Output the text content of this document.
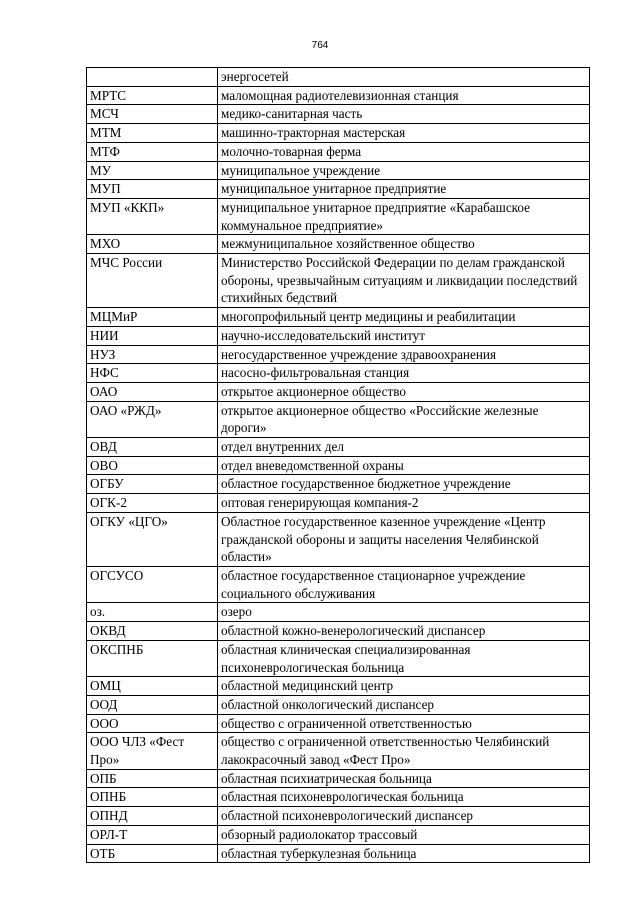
764
	энергосетей
МРТС	маломощная радиотелевизионная станция
МСЧ	медико-санитарная часть
МТМ	машинно-тракторная мастерская
МТФ	молочно-товарная ферма
МУ	муниципальное учреждение
МУП	муниципальное унитарное предприятие
МУП «ККП»	муниципальное унитарное предприятие «Карабашское коммунальное предприятие»
МХО	межмуниципальное хозяйственное общество
МЧС России	Министерство Российской Федерации по делам гражданской обороны, чрезвычайным ситуациям и ликвидации последствий стихийных бедствий
МЦМиР	многопрофильный центр медицины и реабилитации
НИИ	научно-исследовательский институт
НУЗ	негосударственное учреждение здравоохранения
НФС	насосно-фильтровальная станция
ОАО	открытое акционерное общество
ОАО «РЖД»	открытое акционерное общество «Российские железные дороги»
ОВД	отдел внутренних дел
ОВО	отдел вневедомственной охраны
ОГБУ	областное государственное бюджетное учреждение
ОГК-2	оптовая генерирующая компания-2
ОГКУ «ЦГО»	Областное государственное казенное учреждение «Центр гражданской обороны и защиты населения Челябинской области»
ОГСУСО	областное государственное стационарное учреждение социального обслуживания
оз.	озеро
ОКВД	областной кожно-венерологический диспансер
ОКСПНБ	областная клиническая специализированная психоневрологическая больница
ОМЦ	областной медицинский центр
ООД	областной онкологический диспансер
ООО	общество с ограниченной ответственностью
ООО ЧЛЗ «Фест Про»	общество с ограниченной ответственностью Челябинский лакокрасочный завод «Фест Про»
ОПБ	областная психиатрическая больница
ОПНБ	областная психоневрологическая больница
ОПНД	областной психоневрологический диспансер
ОРЛ-Т	обзорный радиолокатор трассовый
ОТБ	областная туберкулезная больница
